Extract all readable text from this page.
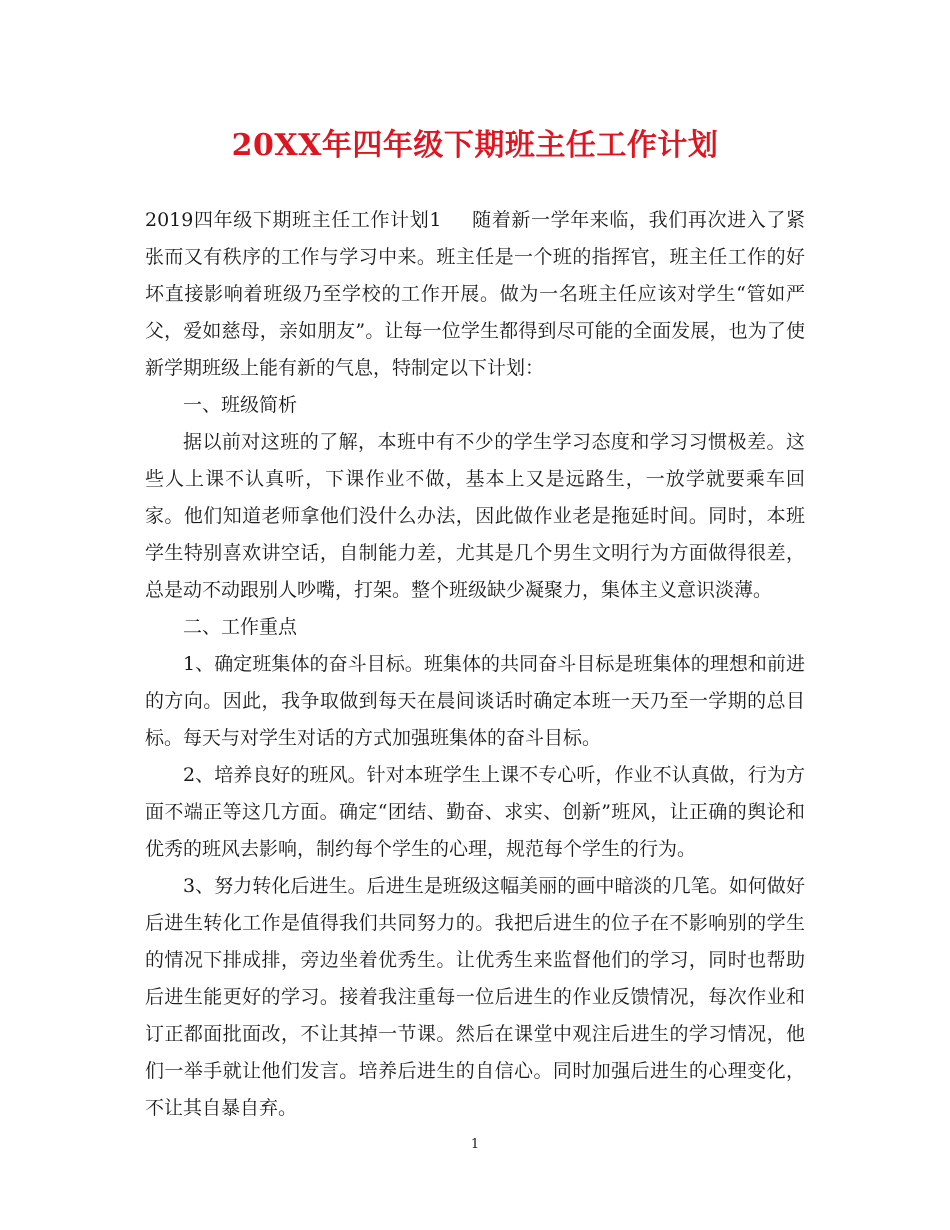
20XX年四年级下期班主任工作计划

2019四年级下期班主任工作计划1 随着新一学年来临，我们再次进入了紧张而又有秩序的工作与学习中来。班主任是一个班的指挥官，班主任工作的好坏直接影响着班级乃至学校的工作开展。做为一名班主任应该对学生“管如严父，爱如慈母，亲如朋友”。让每一位学生都得到尽可能的全面发展，也为了使新学期班级上能有新的气息，特制定以下计划：

一、班级简析

据以前对这班的了解，本班中有不少的学生学习态度和学习习惯极差。这些人上课不认真听，下课作业不做，基本上又是远路生，一放学就要乘车回家。他们知道老师拿他们没什么办法，因此做作业老是拖延时间。同时，本班学生特别喜欢讲空话，自制能力差，尤其是几个男生文明行为方面做得很差，总是动不动跟别人吵嘴，打架。整个班级缺少凝聚力，集体主义意识淡薄。

二、工作重点

1、确定班集体的奋斗目标。班集体的共同奋斗目标是班集体的理想和前进的方向。因此，我争取做到每天在晨间谈话时确定本班一天乃至一学期的总目标。每天与对学生对话的方式加强班集体的奋斗目标。

2、培养良好的班风。针对本班学生上课不专心听，作业不认真做，行为方面不端正等这几方面。确定“团结、勤奋、求实、创新”班风，让正确的舆论和优秀的班风去影响，制约每个学生的心理，规范每个学生的行为。

3、努力转化后进生。后进生是班级这幅美丽的画中暗淡的几笔。如何做好后进生转化工作是值得我们共同努力的。我把后进生的位子在不影响别的学生的情况下排成排，旁边坐着优秀生。让优秀生来监督他们的学习，同时也帮助后进生能更好的学习。接着我注重每一位后进生的作业反馈情况，每次作业和订正都面批面改，不让其掉一节课。然后在课堂中观注后进生的学习情况，他们一举手就让他们发言。培养后进生的自信心。同时加强后进生的心理变化，不让其自暴自弃。

1
